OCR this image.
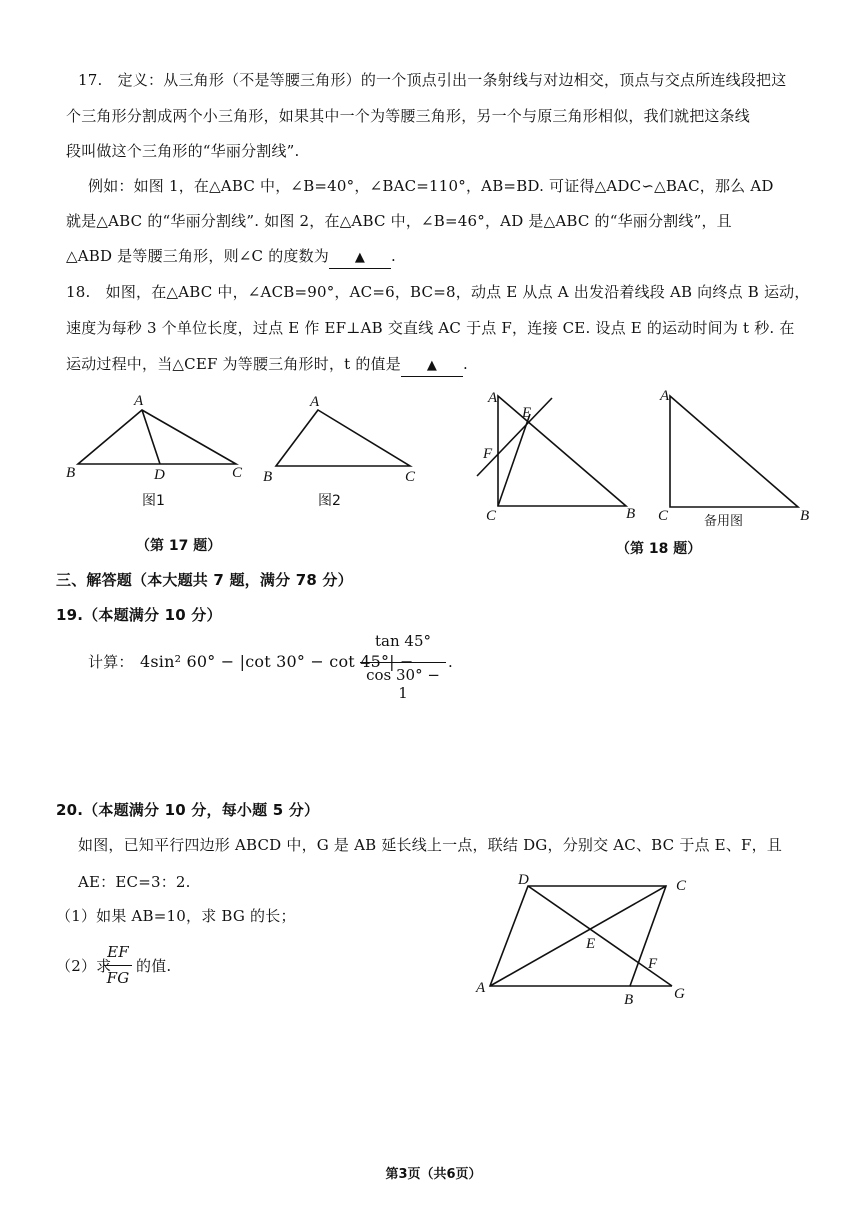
17.　定义：从三角形（不是等腰三角形）的一个顶点引出一条射线与对边相交，顶点与交点所连线段把这
个三角形分割成两个小三角形，如果其中一个为等腰三角形，另一个与原三角形相似，我们就把这条线
段叫做这个三角形的“华丽分割线”.
例如：如图 1，在△ABC 中，∠B=40°，∠BAC=110°，AB=BD. 可证得△ADC∽△BAC，那么 AD
就是△ABC 的“华丽分割线”. 如图 2，在△ABC 中，∠B=46°，AD 是△ABC 的“华丽分割线”，且
△ABD 是等腰三角形，则∠C 的度数为 ▲ .
18.　如图，在△ABC 中，∠ACB=90°，AC=6，BC=8，动点 E 从点 A 出发沿着线段 AB 向终点 B 运动，
速度为每秒 3 个单位长度，过点 E 作 EF⊥AB 交直线 AC 于点 F，连接 CE. 设点 E 的运动时间为 t 秒. 在
运动过程中，当△CEF 为等腰三角形时，t 的值是 ▲ .
A
B	D	C
A
B	C
A
E
F
C	B
A
C	B
备用图
图1	图2
（第 17 题）	（第 18 题）
三、解答题（本大题共 7 题，满分 78 分）
19.（本题满分 10 分）
计算： 4sin² 60° − |cot 30° − cot 45°| −
tan 45°
cos 30° − 1
.
20.（本题满分 10 分，每小题 5 分）
如图，已知平行四边形 ABCD 中，G 是 AB 延长线上一点，联结 DG，分别交 AC、BC 于点 E、F，且
AE：EC=3：2.
（1）如果 AB=10，求 BG 的长；
（2）求
EF
FG
的值.
D	C
E
F
A
B	G
第3页（共6页）
